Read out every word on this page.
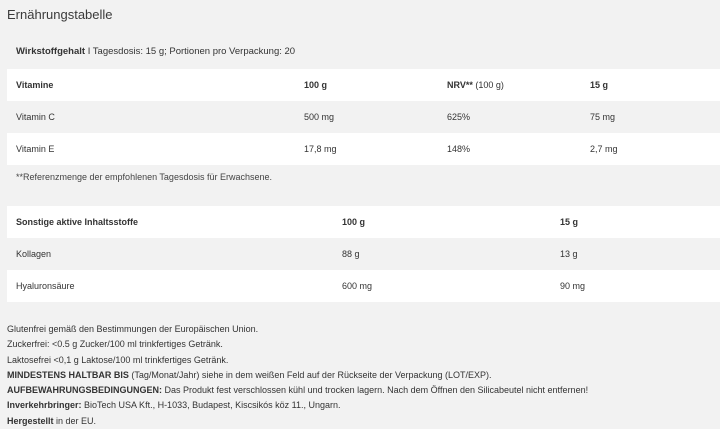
Ernährungstabelle
Wirkstoffgehalt I Tagesdosis: 15 g; Portionen pro Verpackung: 20
Vitamine	100 g	NRV** (100 g)	15 g
Vitamin C	500 mg	625%	75 mg
Vitamin E	17,8 mg	148%	2,7 mg
**Referenzmenge der empfohlenen Tagesdosis für Erwachsene.
Sonstige aktive Inhaltsstoffe	100 g	15 g
Kollagen	88 g	13 g
Hyaluronsäure	600 mg	90 mg
Glutenfrei gemäß den Bestimmungen der Europäischen Union.
Zuckerfrei: <0.5 g Zucker/100 ml trinkfertiges Getränk.
Laktosefrei <0,1 g Laktose/100 ml trinkfertiges Getränk.
MINDESTENS HALTBAR BIS (Tag/Monat/Jahr) siehe in dem weißen Feld auf der Rückseite der Verpackung (LOT/EXP).
AUFBEWAHRUNGSBEDINGUNGEN: Das Produkt fest verschlossen kühl und trocken lagern. Nach dem Öffnen den Silicabeutel nicht entfernen!
Inverkehrbringer: BioTech USA Kft., H-1033, Budapest, Kiscsikós köz 11., Ungarn.
Hergestellt in der EU.
